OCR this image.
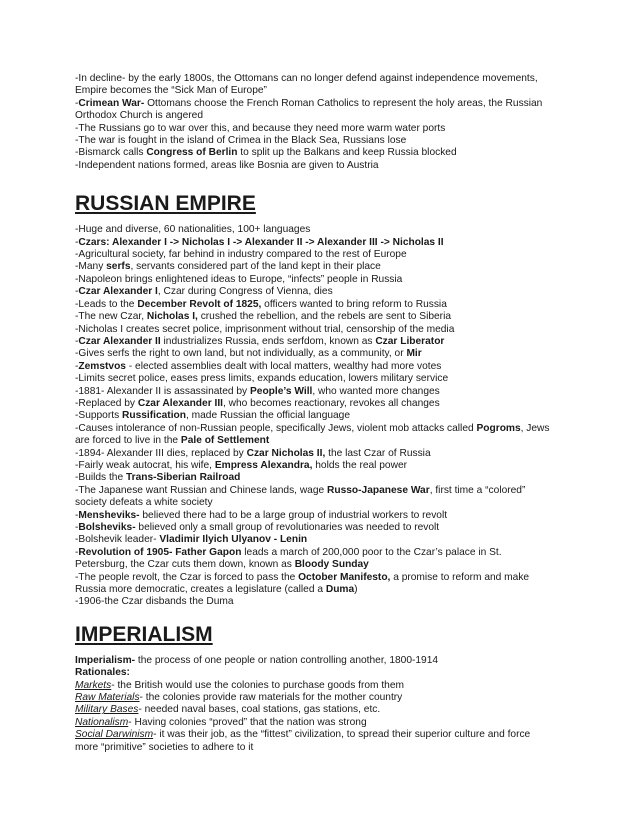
-In decline- by the early 1800s, the Ottomans can no longer defend against independence movements,
Empire becomes the “Sick Man of Europe”
-Crimean War- Ottomans choose the French Roman Catholics to represent the holy areas, the Russian
Orthodox Church is angered
-The Russians go to war over this, and because they need more warm water ports
-The war is fought in the island of Crimea in the Black Sea, Russians lose
-Bismarck calls Congress of Berlin to split up the Balkans and keep Russia blocked
-Independent nations formed, areas like Bosnia are given to Austria
RUSSIAN EMPIRE
-Huge and diverse, 60 nationalities, 100+ languages
-Czars: Alexander I -> Nicholas I -> Alexander II -> Alexander III -> Nicholas II
-Agricultural society, far behind in industry compared to the rest of Europe
-Many serfs, servants considered part of the land kept in their place
-Napoleon brings enlightened ideas to Europe, “infects” people in Russia
-Czar Alexander I, Czar during Congress of Vienna, dies
-Leads to the December Revolt of 1825, officers wanted to bring reform to Russia
-The new Czar, Nicholas I, crushed the rebellion, and the rebels are sent to Siberia
-Nicholas I creates secret police, imprisonment without trial, censorship of the media
-Czar Alexander II industrializes Russia, ends serfdom, known as Czar Liberator
-Gives serfs the right to own land, but not individually, as a community, or Mir
-Zemstvos - elected assemblies dealt with local matters, wealthy had more votes
-Limits secret police, eases press limits, expands education, lowers military service
-1881- Alexander II is assassinated by People’s Will, who wanted more changes
-Replaced by Czar Alexander III, who becomes reactionary, revokes all changes
-Supports Russification, made Russian the official language
-Causes intolerance of non-Russian people, specifically Jews, violent mob attacks called Pogroms, Jews
are forced to live in the Pale of Settlement
-1894- Alexander III dies, replaced by Czar Nicholas II, the last Czar of Russia
-Fairly weak autocrat, his wife, Empress Alexandra, holds the real power
-Builds the Trans-Siberian Railroad
-The Japanese want Russian and Chinese lands, wage Russo-Japanese War, first time a “colored”
society defeats a white society
-Mensheviks- believed there had to be a large group of industrial workers to revolt
-Bolsheviks- believed only a small group of revolutionaries was needed to revolt
-Bolshevik leader- Vladimir Ilyich Ulyanov - Lenin
-Revolution of 1905- Father Gapon leads a march of 200,000 poor to the Czar’s palace in St.
Petersburg, the Czar cuts them down, known as Bloody Sunday
-The people revolt, the Czar is forced to pass the October Manifesto, a promise to reform and make
Russia more democratic, creates a legislature (called a Duma)
-1906-the Czar disbands the Duma
IMPERIALISM
Imperialism- the process of one people or nation controlling another, 1800-1914
Rationales:
Markets- the British would use the colonies to purchase goods from them
Raw Materials- the colonies provide raw materials for the mother country
Military Bases- needed naval bases, coal stations, gas stations, etc.
Nationalism- Having colonies “proved” that the nation was strong
Social Darwinism- it was their job, as the “fittest” civilization, to spread their superior culture and force
more “primitive” societies to adhere to it
